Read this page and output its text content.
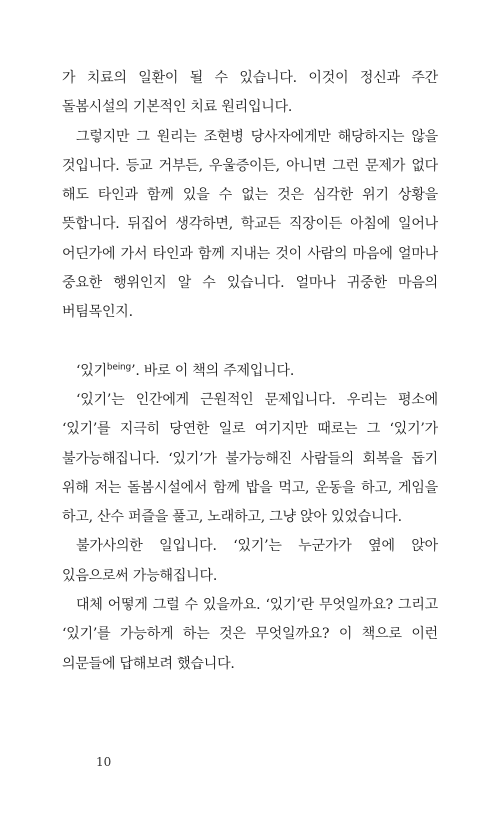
가 치료의 일환이 될 수 있습니다. 이것이 정신과 주간 돌봄시설의 기본적인 치료 원리입니다.

그렇지만 그 원리는 조현병 당사자에게만 해당하지는 않을 것입니다. 등교 거부든, 우울증이든, 아니면 그런 문제가 없다 해도 타인과 함께 있을 수 없는 것은 심각한 위기 상황을 뜻합니다. 뒤집어 생각하면, 학교든 직장이든 아침에 일어나 어딘가에 가서 타인과 함께 지내는 것이 사람의 마음에 얼마나 중요한 행위인지 알 수 있습니다. 얼마나 귀중한 마음의 버팀목인지.

‘있기$^{being}$’. 바로 이 책의 주제입니다.

‘있기’는 인간에게 근원적인 문제입니다. 우리는 평소에 ‘있기’를 지극히 당연한 일로 여기지만 때로는 그 ‘있기’가 불가능해집니다. ‘있기’가 불가능해진 사람들의 회복을 돕기 위해 저는 돌봄시설에서 함께 밥을 먹고, 운동을 하고, 게임을 하고, 산수 퍼즐을 풀고, 노래하고, 그냥 앉아 있었습니다.

불가사의한 일입니다. ‘있기’는 누군가가 옆에 앉아 있음으로써 가능해집니다.

대체 어떻게 그럴 수 있을까요. ‘있기’란 무엇일까요? 그리고 ‘있기’를 가능하게 하는 것은 무엇일까요? 이 책으로 이런 의문들에 답해보려 했습니다.

10
